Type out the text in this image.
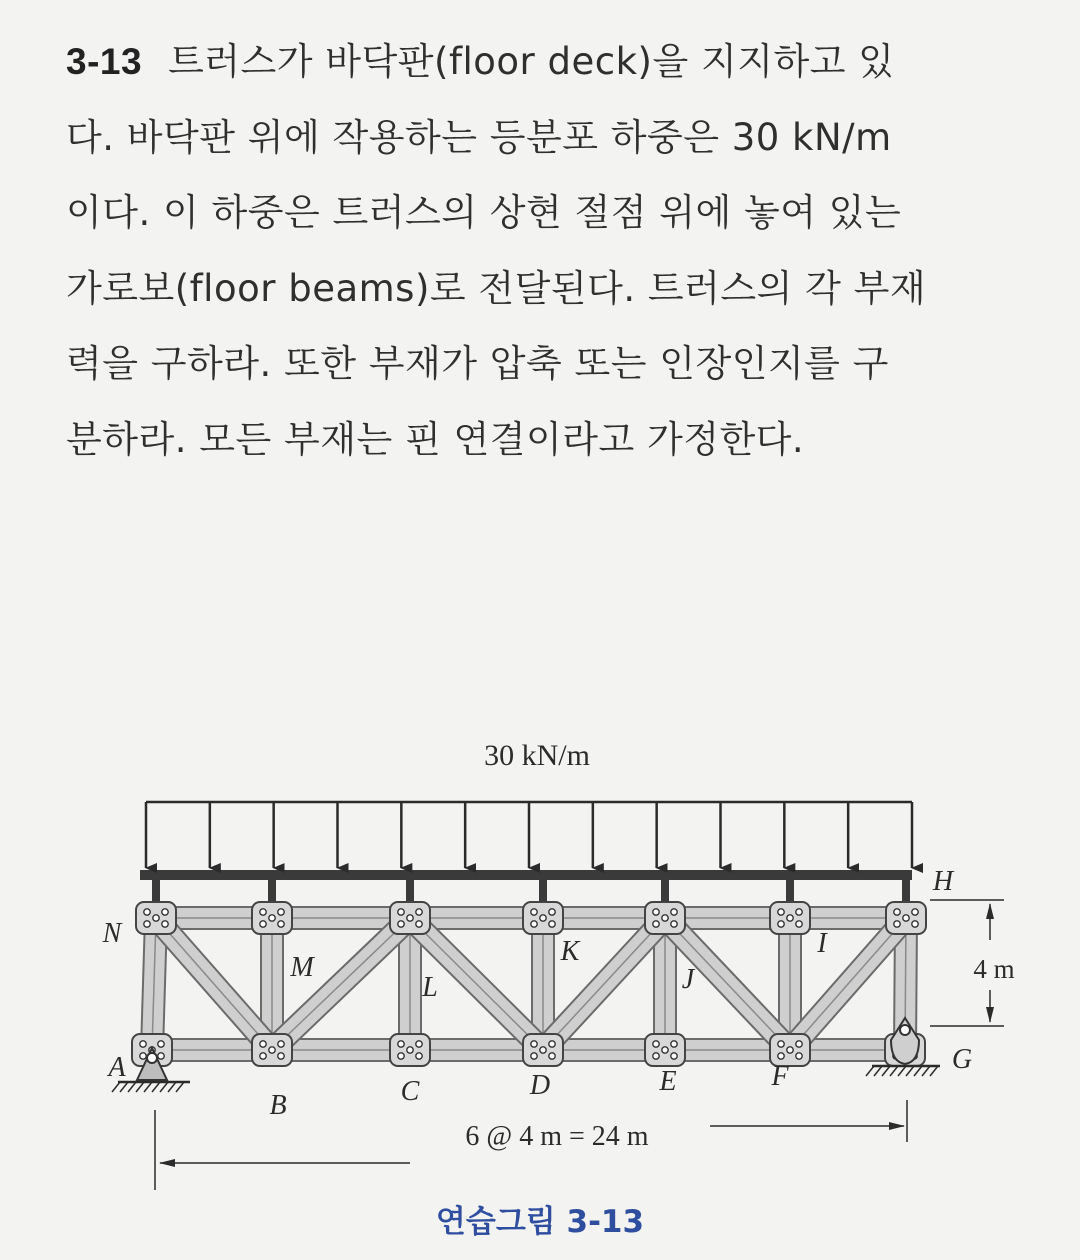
3-13 트러스가 바닥판(floor deck)을 지지하고 있
다. 바닥판 위에 작용하는 등분포 하중은 30 kN/m
이다. 이 하중은 트러스의 상현 절점 위에 놓여 있는
가로보(floor beams)로 전달된다. 트러스의 각 부재
력을 구하라. 또한 부재가 압축 또는 인장인지를 구
분하라. 모든 부재는 핀 연결이라고 가정한다.
N
M
L
K
J
I
H
A
B	C	D	E	F
G
30 kN/m
4 m
6 @ 4 m = 24 m
연습그림 3-13
